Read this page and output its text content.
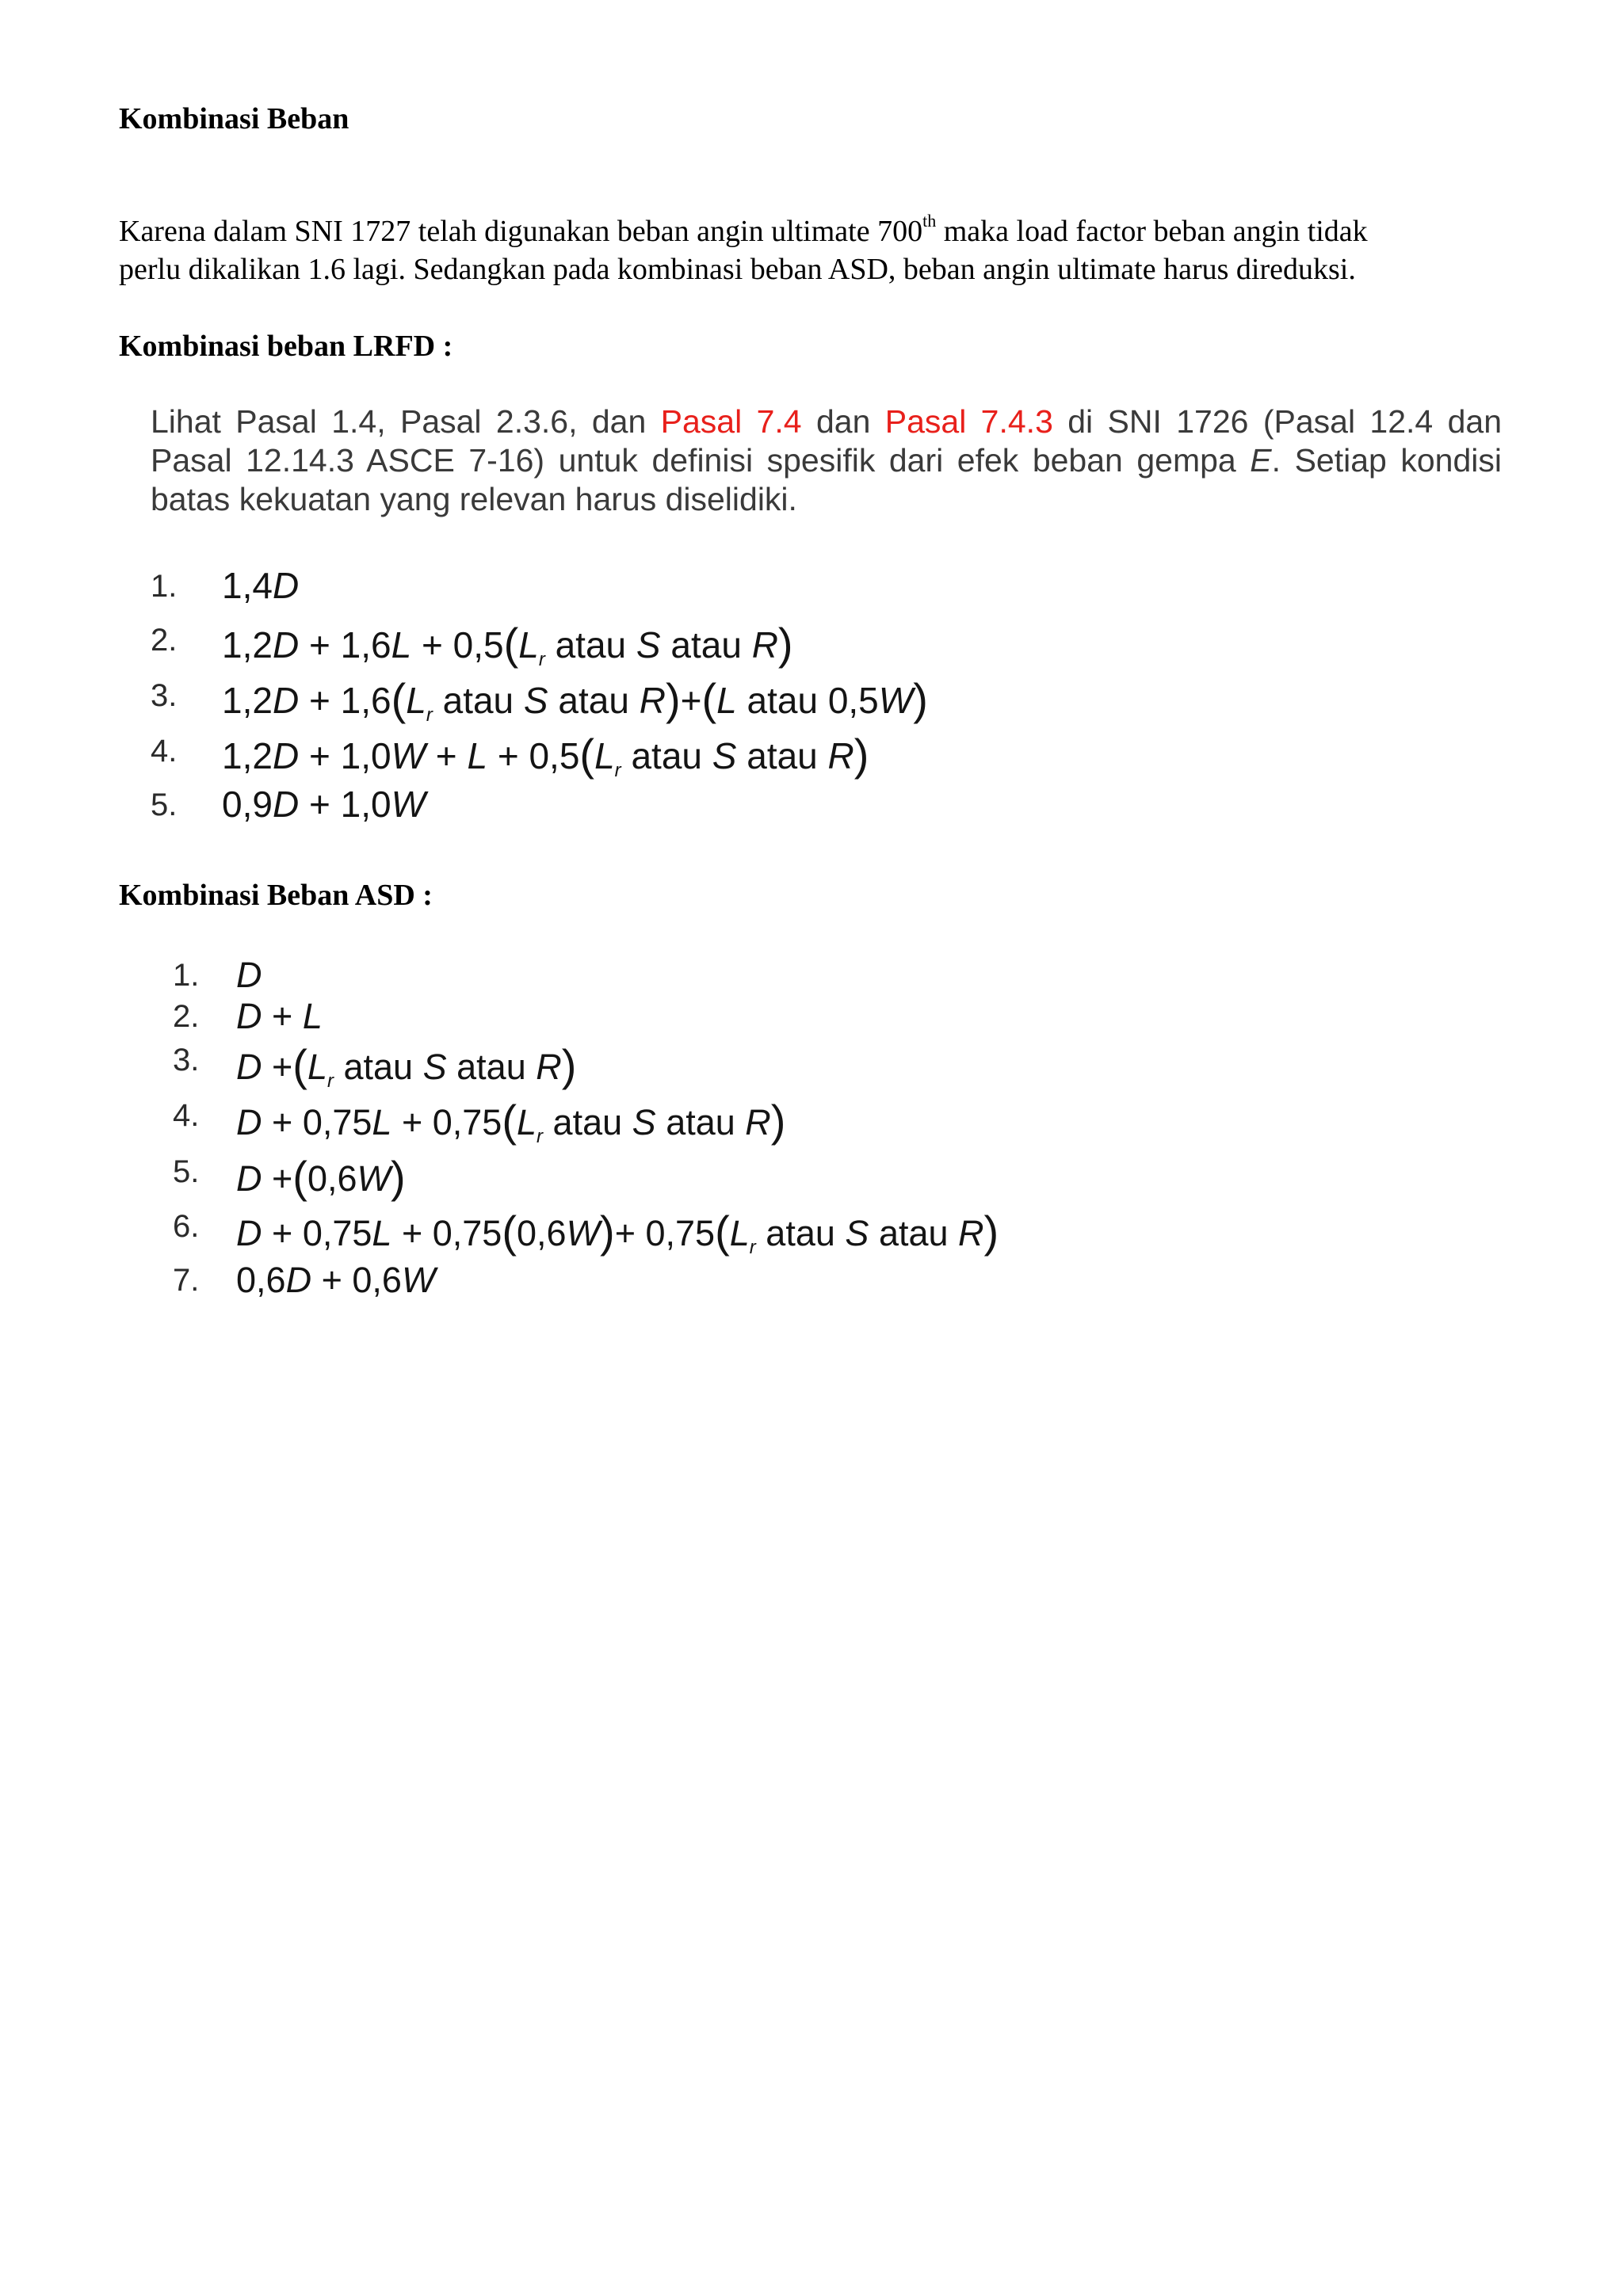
Kombinasi Beban

Karena dalam SNI 1727 telah digunakan beban angin ultimate 700th maka load factor beban angin tidak

perlu dikalikan 1.6 lagi. Sedangkan pada kombinasi beban ASD, beban angin ultimate harus direduksi.

Kombinasi beban LRFD :
Lihat Pasal 1.4, Pasal 2.3.6, dan Pasal 7.4 dan Pasal 7.4.3 di SNI 1726 (Pasal 12.4 dan Pasal 12.14.3 ASCE 7-16) untuk definisi spesifik dari efek beban gempa E. Setiap kondisi batas kekuatan yang relevan harus diselidiki.
1. 1,4D
2. $1,2D + 1,6L + 0,5(L_r$ atau S atau R)
3. $1,2D + 1,6(L_r$ atau S atau R)+(L atau 0,5W)
4. $1,2D + 1,0W + L + 0,5(L_r$ atau S atau R)
5. 0,9D + 1,0W
Kombinasi Beban ASD :
1. D
2. D + L
3. $D +(L_r$ atau S atau R)
4. $D + 0,75L + 0,75(L_r$ atau S atau R)
5. D +(0,6W)
6. $D + 0,75L + 0,75(0,6W)+ 0,75(L_r$ atau S atau R)
7. 0,6D + 0,6W
